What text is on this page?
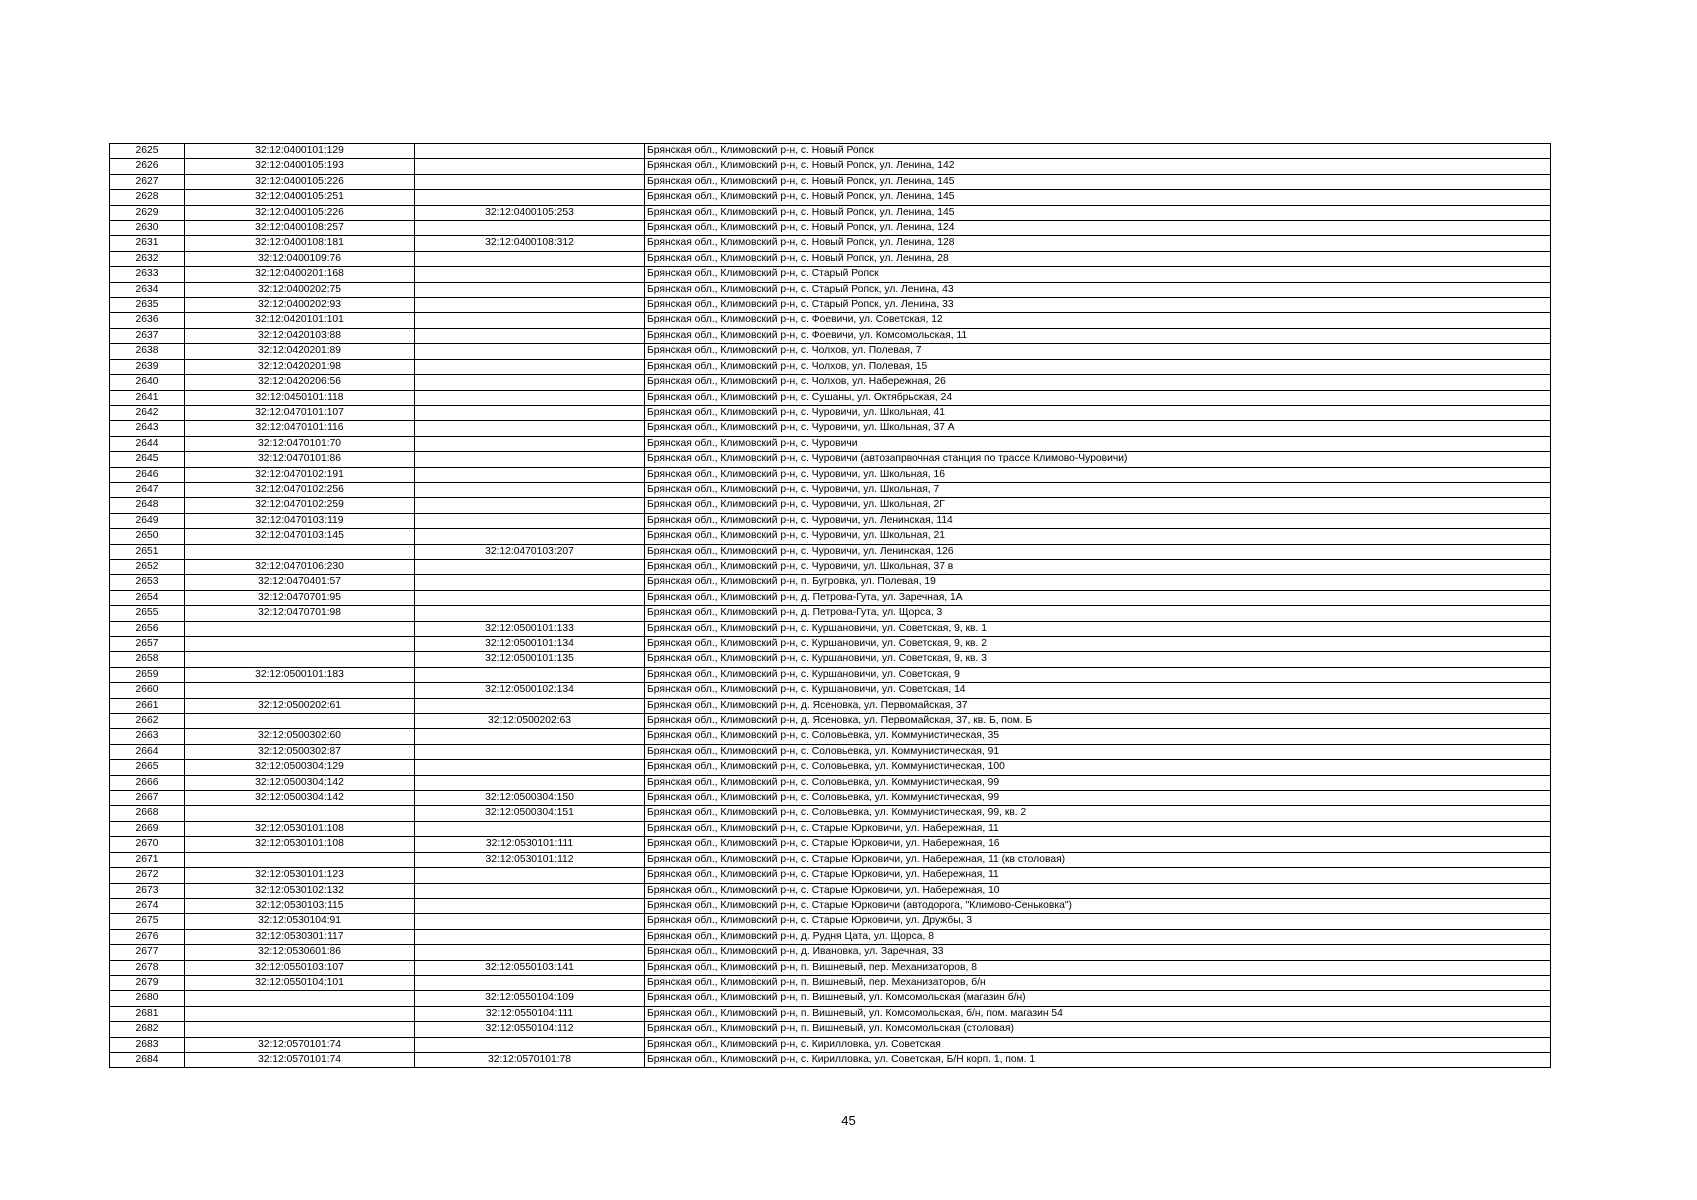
2625	32:12:0400101:129		Брянская обл., Климовский р-н, с. Новый Ропск
2626	32:12:0400105:193		Брянская обл., Климовский р-н, с. Новый Ропск, ул. Ленина, 142
2627	32:12:0400105:226		Брянская обл., Климовский р-н, с. Новый Ропск, ул. Ленина, 145
2628	32:12:0400105:251		Брянская обл., Климовский р-н, с. Новый Ропск, ул. Ленина, 145
2629	32:12:0400105:226	32:12:0400105:253	Брянская обл., Климовский р-н, с. Новый Ропск, ул. Ленина, 145
2630	32:12:0400108:257		Брянская обл., Климовский р-н, с. Новый Ропск, ул. Ленина, 124
2631	32:12:0400108:181	32:12:0400108:312	Брянская обл., Климовский р-н, с. Новый Ропск, ул. Ленина, 128
2632	32:12:0400109:76		Брянская обл., Климовский р-н, с. Новый Ропск, ул. Ленина, 28
2633	32:12:0400201:168		Брянская обл., Климовский р-н, с. Старый Ропск
2634	32:12:0400202:75		Брянская обл., Климовский р-н, с. Старый Ропск, ул. Ленина, 43
2635	32:12:0400202:93		Брянская обл., Климовский р-н, с. Старый Ропск, ул. Ленина, 33
2636	32:12:0420101:101		Брянская обл., Климовский р-н, с. Фоевичи, ул. Советская, 12
2637	32:12:0420103:88		Брянская обл., Климовский р-н, с. Фоевичи, ул. Комсомольская, 11
2638	32:12:0420201:89		Брянская обл., Климовский р-н, с. Чолхов, ул. Полевая, 7
2639	32:12:0420201:98		Брянская обл., Климовский р-н, с. Чолхов, ул. Полевая, 15
2640	32:12:0420206:56		Брянская обл., Климовский р-н, с. Чолхов, ул. Набережная, 26
2641	32:12:0450101:118		Брянская обл., Климовский р-н, с. Сушаны, ул. Октябрьская, 24
2642	32:12:0470101:107		Брянская обл., Климовский р-н, с. Чуровичи, ул. Школьная, 41
2643	32:12:0470101:116		Брянская обл., Климовский р-н, с. Чуровичи, ул. Школьная, 37 А
2644	32:12:0470101:70		Брянская обл., Климовский р-н, с. Чуровичи
2645	32:12:0470101:86		Брянская обл., Климовский р-н, с. Чуровичи (автозапрвочная станция по трассе Климово-Чуровичи)
2646	32:12:0470102:191		Брянская обл., Климовский р-н, с. Чуровичи, ул. Школьная, 16
2647	32:12:0470102:256		Брянская обл., Климовский р-н, с. Чуровичи, ул. Школьная, 7
2648	32:12:0470102:259		Брянская обл., Климовский р-н, с. Чуровичи, ул. Школьная, 2Г
2649	32:12:0470103:119		Брянская обл., Климовский р-н, с. Чуровичи, ул. Ленинская, 114
2650	32:12:0470103:145		Брянская обл., Климовский р-н, с. Чуровичи, ул. Школьная, 21
2651		32:12:0470103:207	Брянская обл., Климовский р-н, с. Чуровичи, ул. Ленинская, 126
2652	32:12:0470106:230		Брянская обл., Климовский р-н, с. Чуровичи, ул. Школьная, 37 в
2653	32:12:0470401:57		Брянская обл., Климовский р-н, п. Бугровка, ул. Полевая, 19
2654	32:12:0470701:95		Брянская обл., Климовский р-н, д. Петрова-Гута, ул. Заречная, 1А
2655	32:12:0470701:98		Брянская обл., Климовский р-н, д. Петрова-Гута, ул. Щорса, 3
2656		32:12:0500101:133	Брянская обл., Климовский р-н, с. Куршановичи, ул. Советская, 9, кв. 1
2657		32:12:0500101:134	Брянская обл., Климовский р-н, с. Куршановичи, ул. Советская, 9, кв. 2
2658		32:12:0500101:135	Брянская обл., Климовский р-н, с. Куршановичи, ул. Советская, 9, кв. 3
2659	32:12:0500101:183		Брянская обл., Климовский р-н, с. Куршановичи, ул. Советская, 9
2660		32:12:0500102:134	Брянская обл., Климовский р-н, с. Куршановичи, ул. Советская, 14
2661	32:12:0500202:61		Брянская обл., Климовский р-н, д. Ясеновка, ул. Первомайская, 37
2662		32:12:0500202:63	Брянская обл., Климовский р-н, д. Ясеновка, ул. Первомайская, 37, кв. Б, пом. Б
2663	32:12:0500302:60		Брянская обл., Климовский р-н, с. Соловьевка, ул. Коммунистическая, 35
2664	32:12:0500302:87		Брянская обл., Климовский р-н, с. Соловьевка, ул. Коммунистическая, 91
2665	32:12:0500304:129		Брянская обл., Климовский р-н, с. Соловьевка, ул. Коммунистическая, 100
2666	32:12:0500304:142		Брянская обл., Климовский р-н, с. Соловьевка, ул. Коммунистическая, 99
2667	32:12:0500304:142	32:12:0500304:150	Брянская обл., Климовский р-н, с. Соловьевка, ул. Коммунистическая, 99
2668		32:12:0500304:151	Брянская обл., Климовский р-н, с. Соловьевка, ул. Коммунистическая, 99, кв. 2
2669	32:12:0530101:108		Брянская обл., Климовский р-н, с. Старые Юрковичи, ул. Набережная, 11
2670	32:12:0530101:108	32:12:0530101:111	Брянская обл., Климовский р-н, с. Старые Юрковичи, ул. Набережная, 16
2671		32:12:0530101:112	Брянская обл., Климовский р-н, с. Старые Юрковичи, ул. Набережная, 11 (кв столовая)
2672	32:12:0530101:123		Брянская обл., Климовский р-н, с. Старые Юрковичи, ул. Набережная, 11
2673	32:12:0530102:132		Брянская обл., Климовский р-н, с. Старые Юрковичи, ул. Набережная, 10
2674	32:12:0530103:115		Брянская обл., Климовский р-н, с. Старые Юрковичи (автодорога, "Климово-Сеньковка")
2675	32:12:0530104:91		Брянская обл., Климовский р-н, с. Старые Юрковичи, ул. Дружбы, 3
2676	32:12:0530301:117		Брянская обл., Климовский р-н, д. Рудня Цата, ул. Щорса, 8
2677	32:12:0530601:86		Брянская обл., Климовский р-н, д. Ивановка, ул. Заречная, 33
2678	32:12:0550103:107	32:12:0550103:141	Брянская обл., Климовский р-н, п. Вишневый, пер. Механизаторов, 8
2679	32:12:0550104:101		Брянская обл., Климовский р-н, п. Вишневый, пер. Механизаторов, б/н
2680		32:12:0550104:109	Брянская обл., Климовский р-н, п. Вишневый, ул. Комсомольская (магазин б/н)
2681		32:12:0550104:111	Брянская обл., Климовский р-н, п. Вишневый, ул. Комсомольская, б/н, пом. магазин 54
2682		32:12:0550104:112	Брянская обл., Климовский р-н, п. Вишневый, ул. Комсомольская (столовая)
2683	32:12:0570101:74		Брянская обл., Климовский р-н, с. Кирилловка, ул. Советская
2684	32:12:0570101:74	32:12:0570101:78	Брянская обл., Климовский р-н, с. Кирилловка, ул. Советская, Б/Н корп. 1, пом. 1
45
